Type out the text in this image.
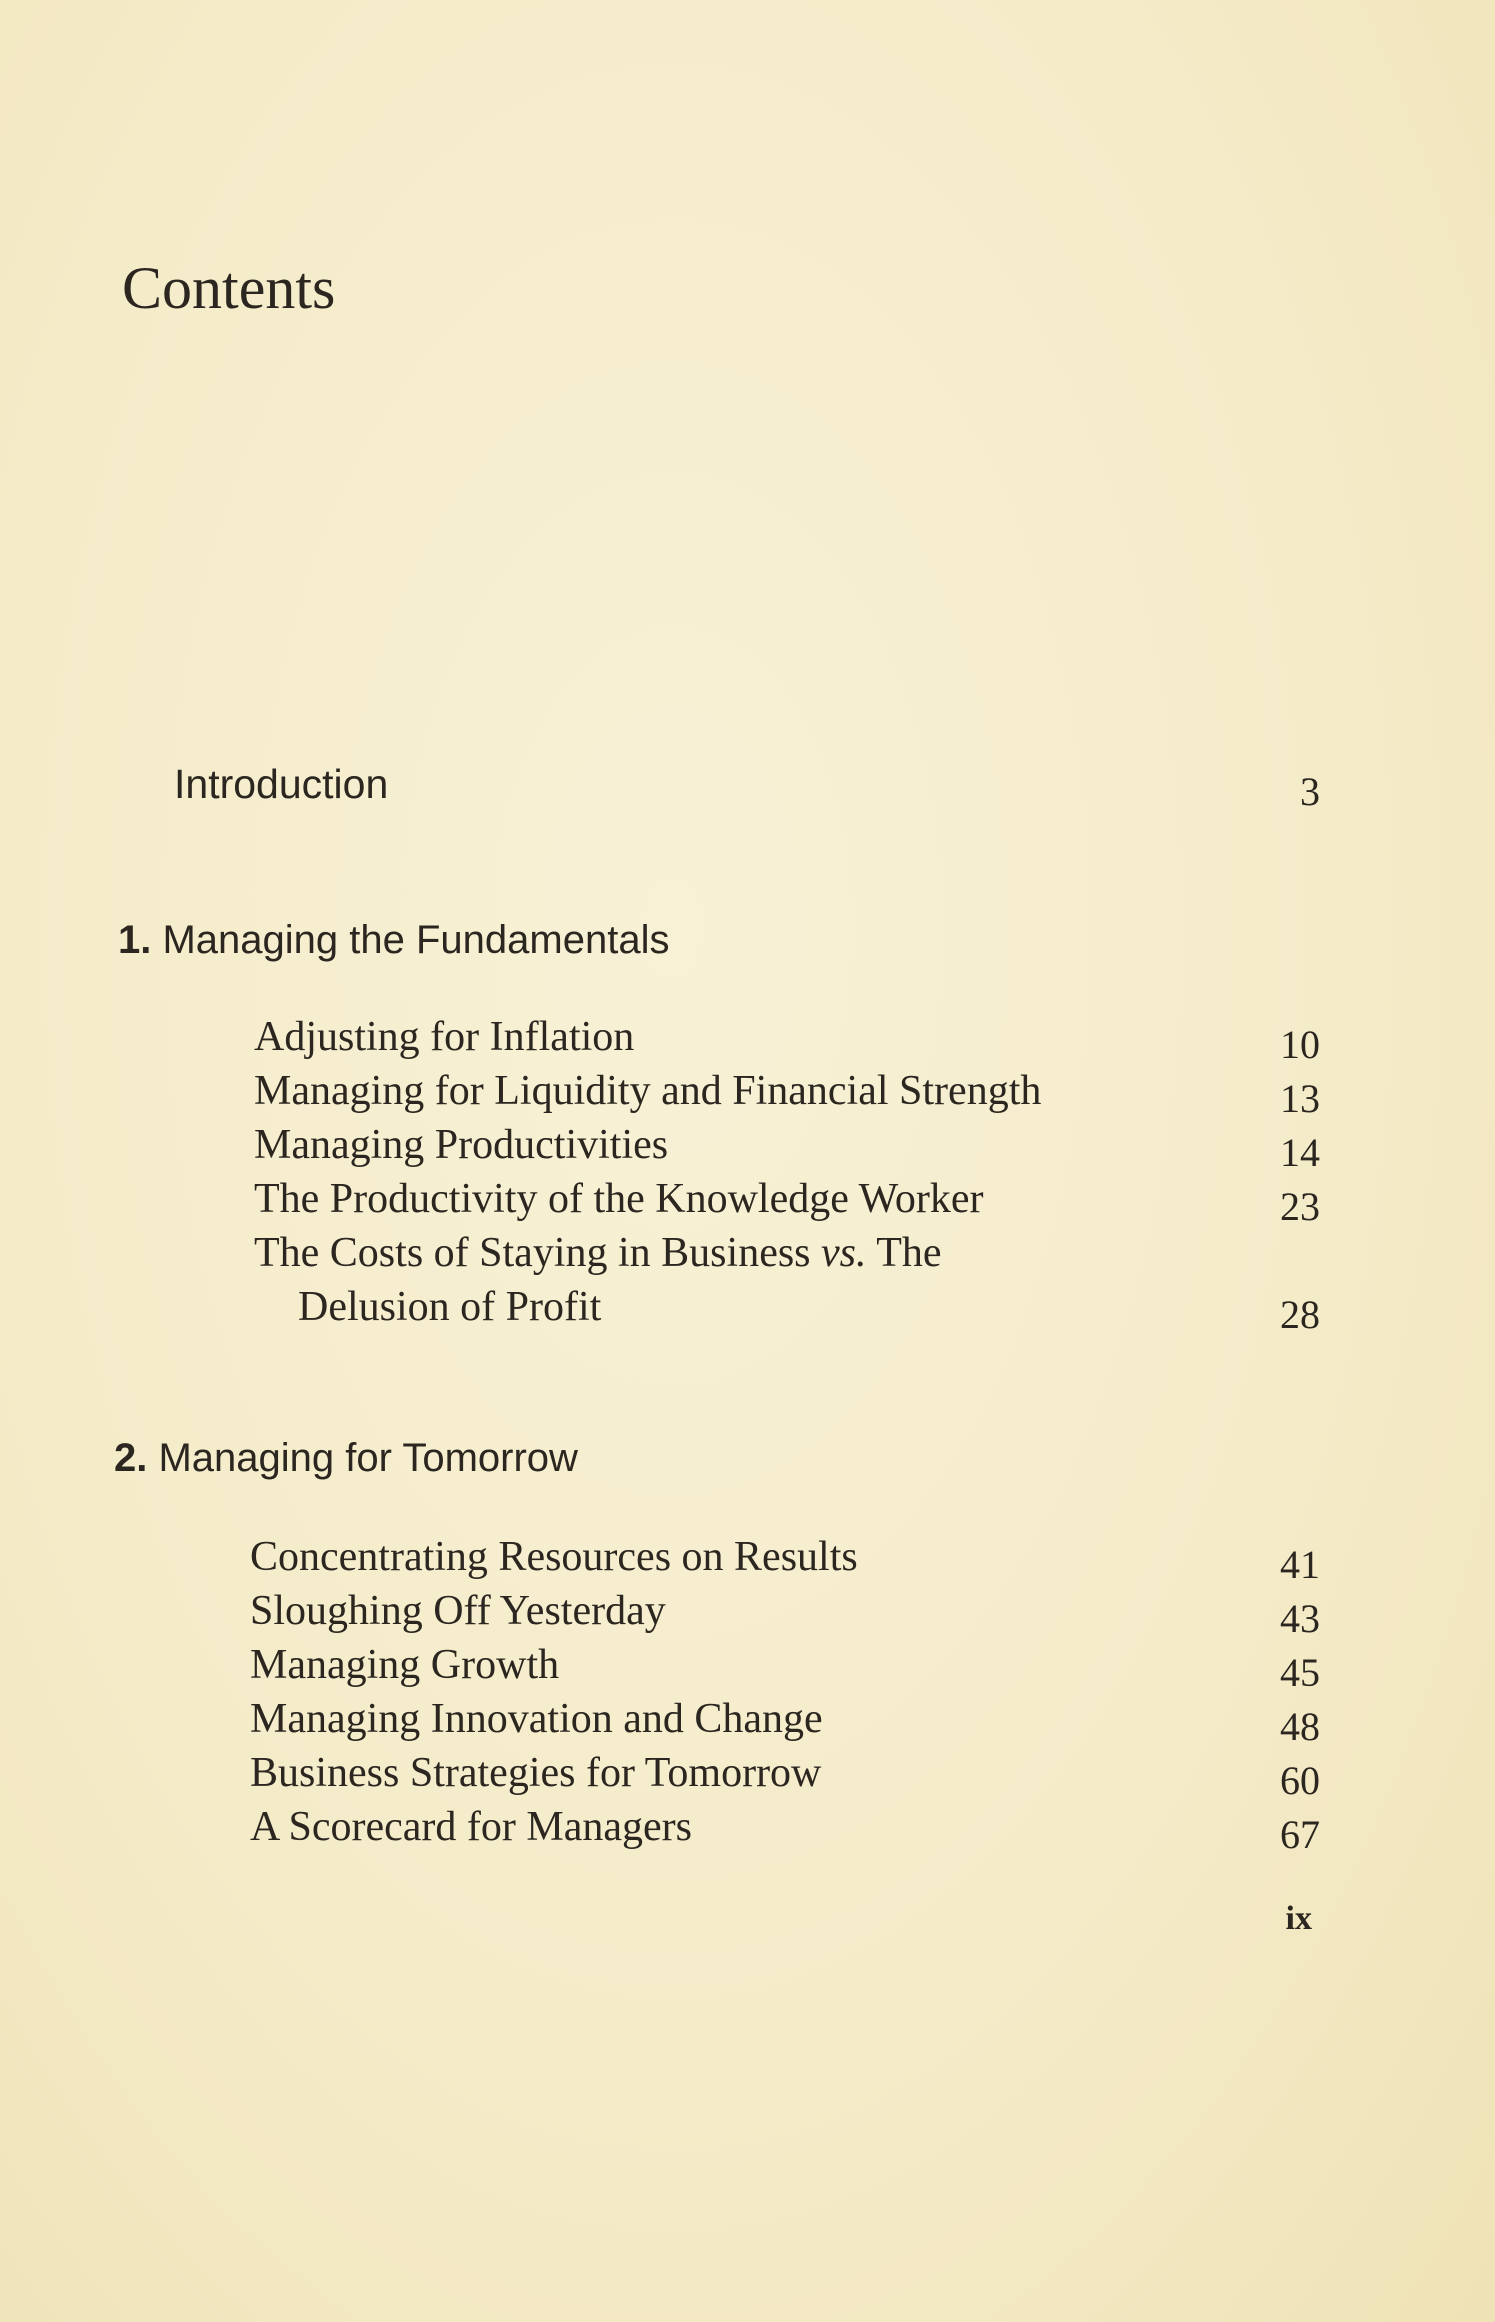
Contents
Introduction	3
1. Managing the Fundamentals
Adjusting for Inflation	10
Managing for Liquidity and Financial Strength	13
Managing Productivities	14
The Productivity of the Knowledge Worker	23
The Costs of Staying in Business vs. The
Delusion of Profit	28
2. Managing for Tomorrow
Concentrating Resources on Results	41
Sloughing Off Yesterday	43
Managing Growth	45
Managing Innovation and Change	48
Business Strategies for Tomorrow	60
A Scorecard for Managers	67
ix
